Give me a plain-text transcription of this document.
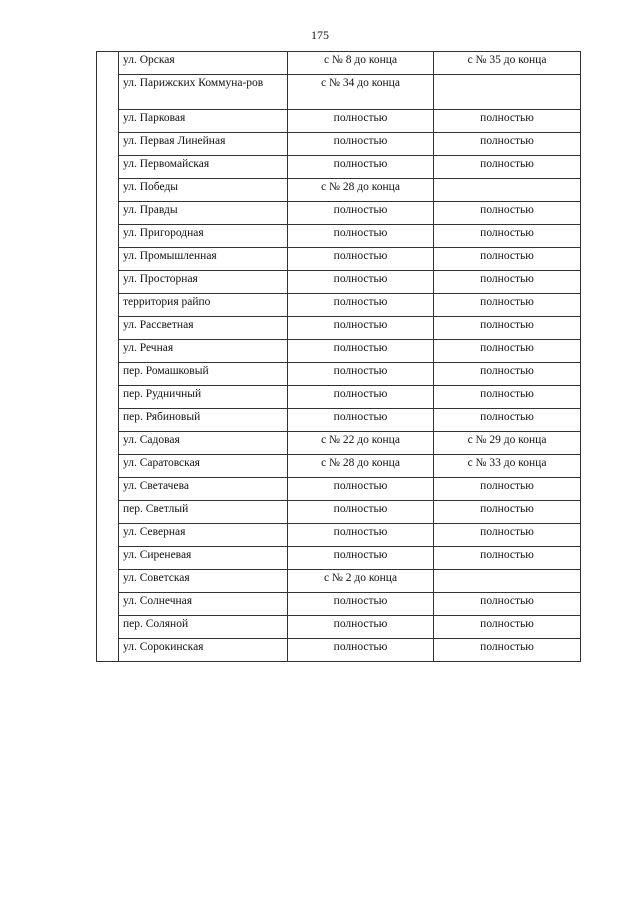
175
	ул. Орская	с № 8 до конца	с № 35 до конца
	ул. Парижских Коммуна-ров	с № 34 до конца	
	ул. Парковая	полностью	полностью
	ул. Первая Линейная	полностью	полностью
	ул. Первомайская	полностью	полностью
	ул. Победы	с № 28 до конца	
	ул. Правды	полностью	полностью
	ул. Пригородная	полностью	полностью
	ул. Промышленная	полностью	полностью
	ул. Просторная	полностью	полностью
	территория райпо	полностью	полностью
	ул. Рассветная	полностью	полностью
	ул. Речная	полностью	полностью
	пер. Ромашковый	полностью	полностью
	пер. Рудничный	полностью	полностью
	пер. Рябиновый	полностью	полностью
	ул. Садовая	с № 22 до конца	с № 29 до конца
	ул. Саратовская	с № 28 до конца	с № 33 до конца
	ул. Светачева	полностью	полностью
	пер. Светлый	полностью	полностью
	ул. Северная	полностью	полностью
	ул. Сиреневая	полностью	полностью
	ул. Советская	с № 2 до конца	
	ул. Солнечная	полностью	полностью
	пер. Соляной	полностью	полностью
	ул. Сорокинская	полностью	полностью
